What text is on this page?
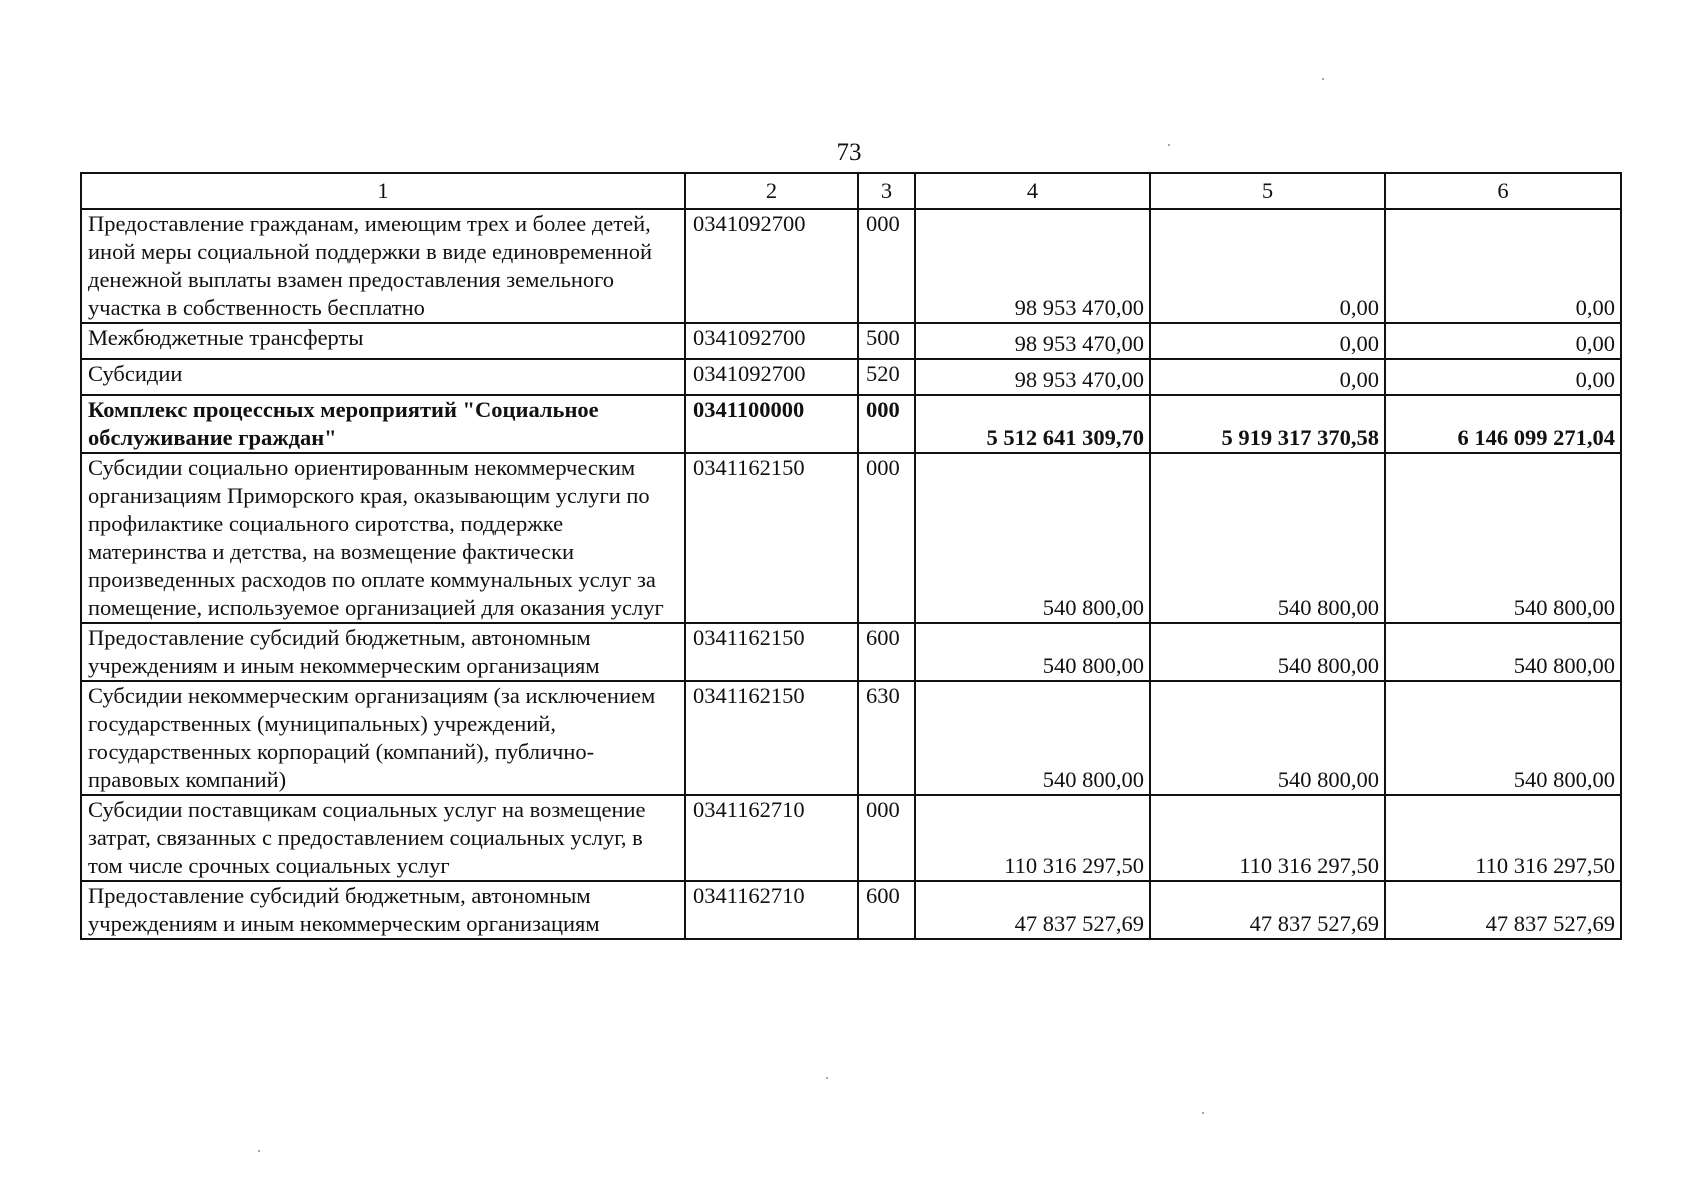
73
1	2	3	4	5	6
Предоставление гражданам, имеющим трех и более детей, иной меры социальной поддержки в виде единовременной денежной выплаты взамен предоставления земельного участка в собственность бесплатно	0341092700	000	98 953 470,00	0,00	0,00
Межбюджетные трансферты	0341092700	500	98 953 470,00	0,00	0,00
Субсидии	0341092700	520	98 953 470,00	0,00	0,00
Комплекс процессных мероприятий "Социальное обслуживание граждан"	0341100000	000	5 512 641 309,70	5 919 317 370,58	6 146 099 271,04
Субсидии социально ориентированным некоммерческим организациям Приморского края, оказывающим услуги по профилактике социального сиротства, поддержке материнства и детства, на возмещение фактически произведенных расходов по оплате коммунальных услуг за помещение, используемое организацией для оказания услуг	0341162150	000	540 800,00	540 800,00	540 800,00
Предоставление субсидий бюджетным, автономным учреждениям и иным некоммерческим организациям	0341162150	600	540 800,00	540 800,00	540 800,00
Субсидии некоммерческим организациям (за исключением государственных (муниципальных) учреждений, государственных корпораций (компаний), публично-правовых компаний)	0341162150	630	540 800,00	540 800,00	540 800,00
Субсидии поставщикам социальных услуг на возмещение затрат, связанных с предоставлением социальных услуг, в том числе срочных социальных услуг	0341162710	000	110 316 297,50	110 316 297,50	110 316 297,50
Предоставление субсидий бюджетным, автономным учреждениям и иным некоммерческим организациям	0341162710	600	47 837 527,69	47 837 527,69	47 837 527,69
